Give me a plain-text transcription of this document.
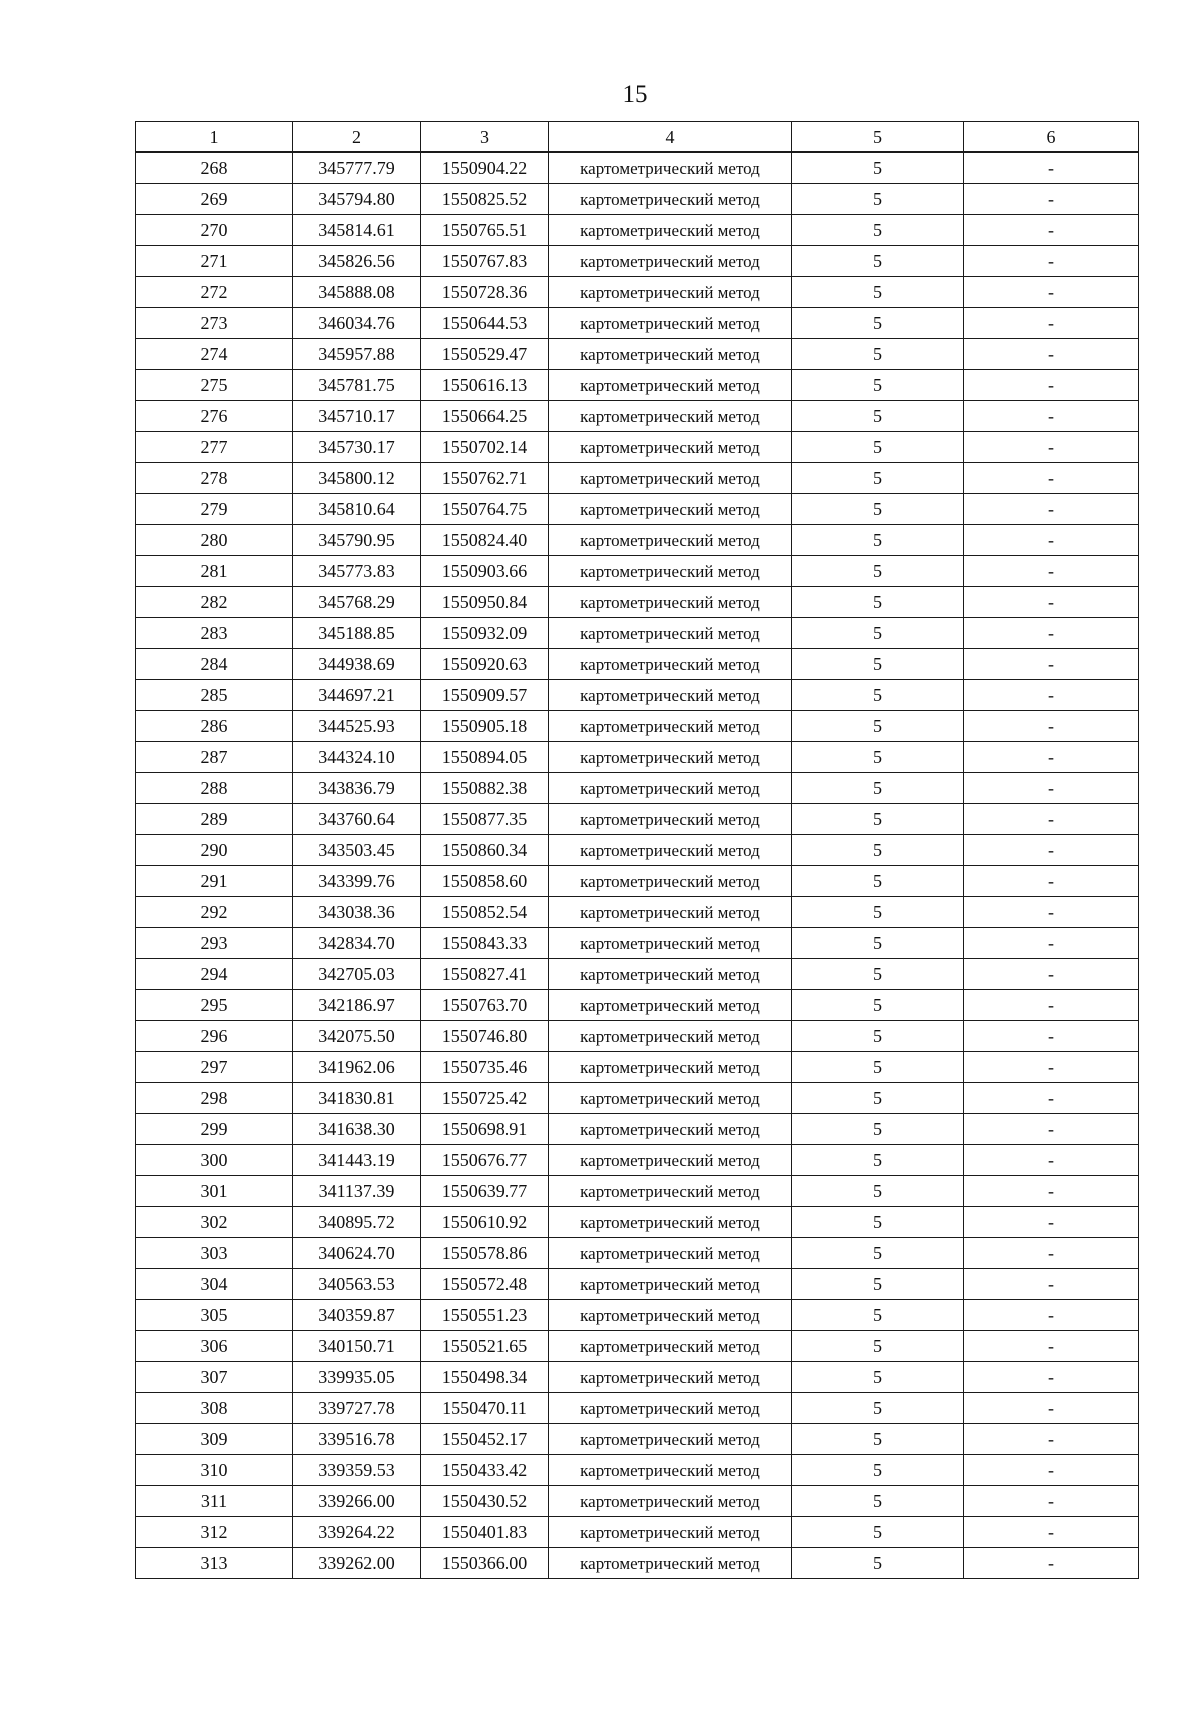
15
1	2	3	4	5	6
268	345777.79	1550904.22	картометрический метод	5	-
269	345794.80	1550825.52	картометрический метод	5	-
270	345814.61	1550765.51	картометрический метод	5	-
271	345826.56	1550767.83	картометрический метод	5	-
272	345888.08	1550728.36	картометрический метод	5	-
273	346034.76	1550644.53	картометрический метод	5	-
274	345957.88	1550529.47	картометрический метод	5	-
275	345781.75	1550616.13	картометрический метод	5	-
276	345710.17	1550664.25	картометрический метод	5	-
277	345730.17	1550702.14	картометрический метод	5	-
278	345800.12	1550762.71	картометрический метод	5	-
279	345810.64	1550764.75	картометрический метод	5	-
280	345790.95	1550824.40	картометрический метод	5	-
281	345773.83	1550903.66	картометрический метод	5	-
282	345768.29	1550950.84	картометрический метод	5	-
283	345188.85	1550932.09	картометрический метод	5	-
284	344938.69	1550920.63	картометрический метод	5	-
285	344697.21	1550909.57	картометрический метод	5	-
286	344525.93	1550905.18	картометрический метод	5	-
287	344324.10	1550894.05	картометрический метод	5	-
288	343836.79	1550882.38	картометрический метод	5	-
289	343760.64	1550877.35	картометрический метод	5	-
290	343503.45	1550860.34	картометрический метод	5	-
291	343399.76	1550858.60	картометрический метод	5	-
292	343038.36	1550852.54	картометрический метод	5	-
293	342834.70	1550843.33	картометрический метод	5	-
294	342705.03	1550827.41	картометрический метод	5	-
295	342186.97	1550763.70	картометрический метод	5	-
296	342075.50	1550746.80	картометрический метод	5	-
297	341962.06	1550735.46	картометрический метод	5	-
298	341830.81	1550725.42	картометрический метод	5	-
299	341638.30	1550698.91	картометрический метод	5	-
300	341443.19	1550676.77	картометрический метод	5	-
301	341137.39	1550639.77	картометрический метод	5	-
302	340895.72	1550610.92	картометрический метод	5	-
303	340624.70	1550578.86	картометрический метод	5	-
304	340563.53	1550572.48	картометрический метод	5	-
305	340359.87	1550551.23	картометрический метод	5	-
306	340150.71	1550521.65	картометрический метод	5	-
307	339935.05	1550498.34	картометрический метод	5	-
308	339727.78	1550470.11	картометрический метод	5	-
309	339516.78	1550452.17	картометрический метод	5	-
310	339359.53	1550433.42	картометрический метод	5	-
311	339266.00	1550430.52	картометрический метод	5	-
312	339264.22	1550401.83	картометрический метод	5	-
313	339262.00	1550366.00	картометрический метод	5	-
